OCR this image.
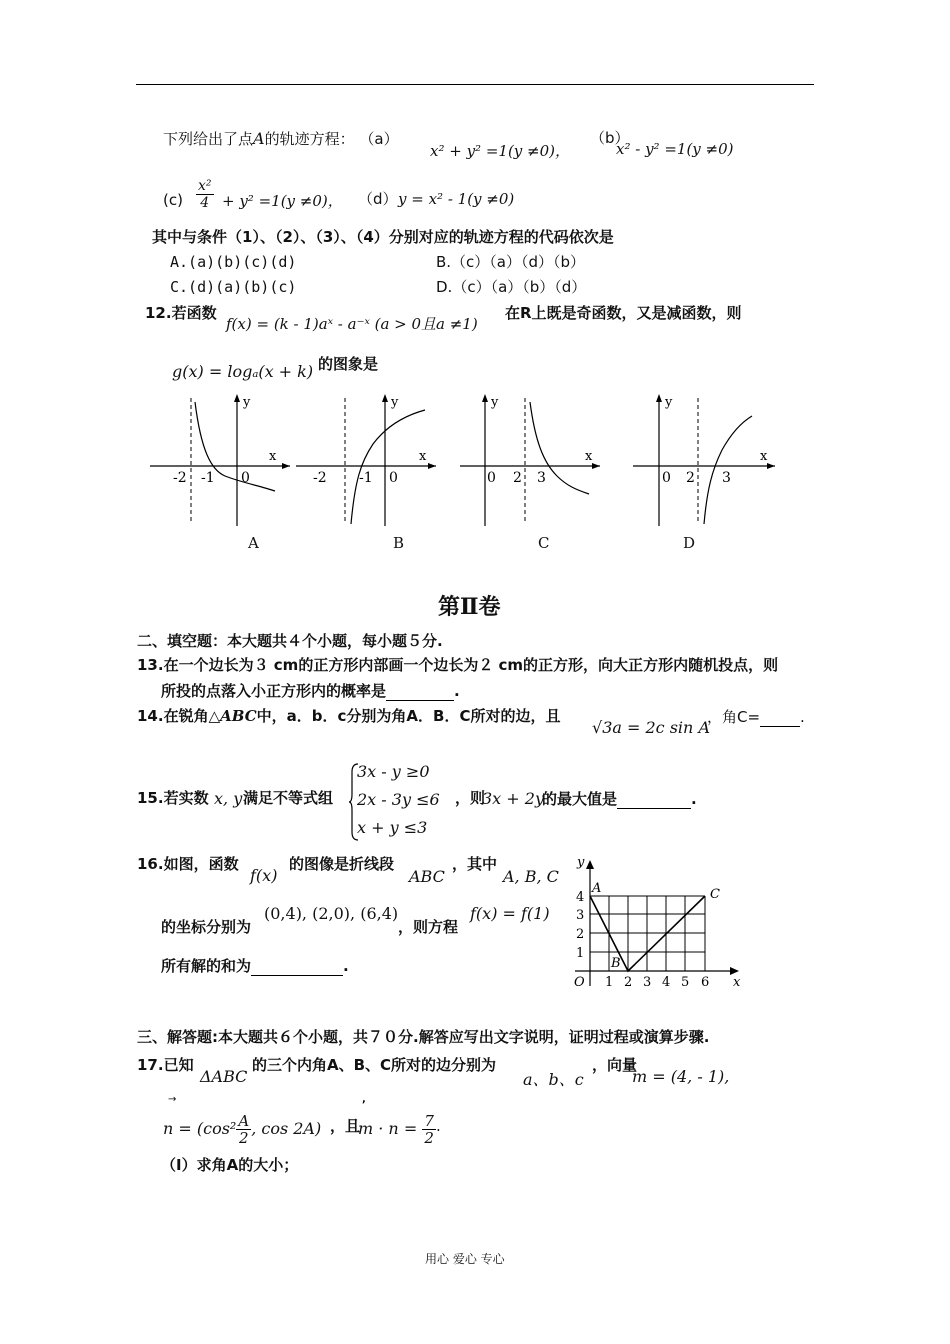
下列给出了点A的轨迹方程： （a）
x² + y² =1(y ≠0)，
（b）
x² - y² =1(y ≠0)
$(c) \frac{\text{x²}}{4} + y^2 =1(y \ne 0)$， （d） y = x² - 1(y ≠0)
其中与条件（1）、（2）、（3）、（4）分别对应的轨迹方程的代码依次是
A.(a)(b)(c)(d)	B.（c）（a）（d）（b）
C.(d)(a)(b)(c)	D.（c）（a）（b）（d）
12.若函数
f(x) = (k - 1)aˣ - a⁻ˣ (a > 0且a ≠1)
在R上既是奇函数，又是减函数，则
g(x) = logₐ(x + k) 的图象是
y
x
-2 -1 0
A
y
x
-2 -1 0
B
y
x
0 2 3
C
y
x
0 2 3
D
第Ⅱ卷
二、填空题：本大题共４个小题，每小题５分.
13.在一个边长为３ cm的正方形内部画一个边长为２ cm的正方形，向大正方形内随机投点，则
所投的点落入小正方形内的概率是	.
14.在锐角△ABC中，a．b．c分别为角A．B．C所对的边，且
√3a = 2c sin A
，角C=	.
15.若实数 x, y 满足不等式组
3x - y ≥0
2x - 3y ≤6
x + y ≤3
，则
3x + 2y
的最大值是	.
16.如图，函数
f(x)
的图像是折线段
ABC
，其中
A, B, C
的坐标分别为
(0,4), (2,0), (6,4)
，则方程
f(x) = f(1)
所有解的和为	.
y
x
A
B
C
O
4
3
2
1
1 2 3 4 5 6
三、解答题:本大题共６个小题，共７０分.解答应写出文字说明，证明过程或演算步骤.
17.已知
ΔABC
的三个内角A、B、C所对的边分别为
a、b、c
，向量
m = (4, - 1),
→	,
$n = (\cos^2 \frac{A}{2}$ , cos 2A) ，且
$m \cdot n = \frac{7}{2}$ .
（Ⅰ）求角A的大小；
用心 爱心 专心
